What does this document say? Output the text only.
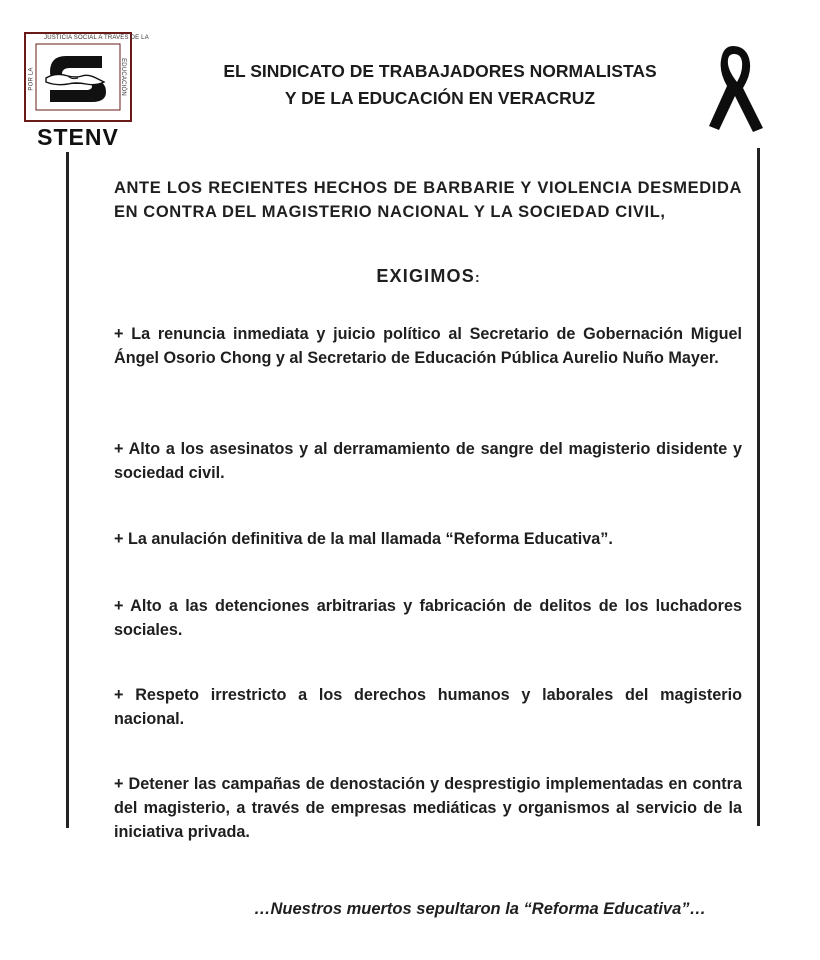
JUSTICIA SOCIAL A TRAVÉS DE LA
POR LA	EDUCACIÓN
STENV
EL SINDICATO DE TRABAJADORES NORMALISTAS
Y DE LA EDUCACIÓN EN VERACRUZ
ANTE LOS RECIENTES HECHOS DE BARBARIE Y VIOLENCIA DESMEDIDA EN CONTRA DEL MAGISTERIO NACIONAL Y LA SOCIEDAD CIVIL,
EXIGIMOS:
+ La renuncia inmediata y juicio político al Secretario de Gobernación Miguel Ángel Osorio Chong y al Secretario de Educación Pública Aurelio Nuño Mayer.
+ Alto a los asesinatos y al derramamiento de sangre del magisterio disidente y sociedad civil.
+ La anulación definitiva de la mal llamada “Reforma Educativa”.
+ Alto a las detenciones arbitrarias y fabricación de delitos de los luchadores sociales.
+ Respeto irrestricto a los derechos humanos y laborales del magisterio nacional.
+ Detener las campañas de denostación y desprestigio implementadas en contra del magisterio, a través de empresas mediáticas y organismos al servicio de la iniciativa privada.
…Nuestros muertos sepultaron la “Reforma Educativa”…
